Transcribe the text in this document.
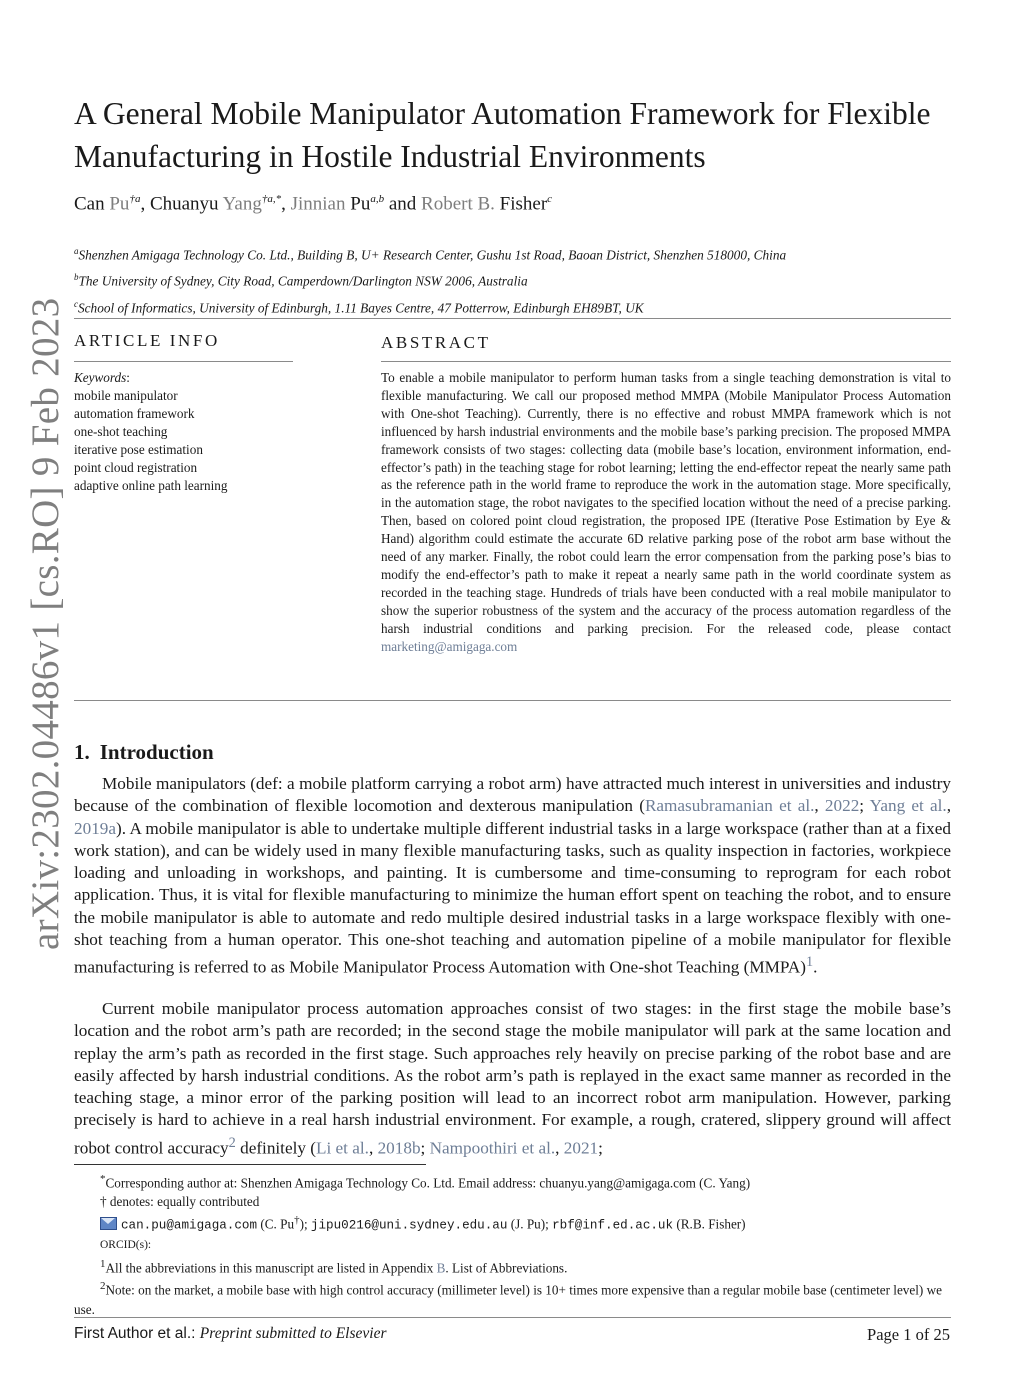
arXiv:2302.04486v1 [cs.RO] 9 Feb 2023
A General Mobile Manipulator Automation Framework for Flexible Manufacturing in Hostile Industrial Environments
Can Pu$^{\dagger a}$, Chuanyu Yang$^{\dagger a,*}$, Jinnian Pu$^{a,b}$ and Robert B. Fisher$^c$
$^a$Shenzhen Amigaga Technology Co. Ltd., Building B, U+ Research Center, Gushu 1st Road, Baoan District, Shenzhen 518000, China
$^b$The University of Sydney, City Road, Camperdown/Darlington NSW 2006, Australia
$^c$School of Informatics, University of Edinburgh, 1.11 Bayes Centre, 47 Potterrow, Edinburgh EH89BT, UK
ARTICLE INFO	ABSTRACT
Keywords:
mobile manipulator
automation framework
one-shot teaching
iterative pose estimation
point cloud registration
adaptive online path learning
To enable a mobile manipulator to perform human tasks from a single teaching demonstration is vital to flexible manufacturing. We call our proposed method MMPA (Mobile Manipulator Process Automation with One-shot Teaching). Currently, there is no effective and robust MMPA framework which is not influenced by harsh industrial environments and the mobile base’s parking precision. The proposed MMPA framework consists of two stages: collecting data (mobile base’s location, environment information, end-effector’s path) in the teaching stage for robot learning; letting the end-effector repeat the nearly same path as the reference path in the world frame to reproduce the work in the automation stage. More specifically, in the automation stage, the robot navigates to the specified location without the need of a precise parking. Then, based on colored point cloud registration, the proposed IPE (Iterative Pose Estimation by Eye & Hand) algorithm could estimate the accurate 6D relative parking pose of the robot arm base without the need of any marker. Finally, the robot could learn the error compensation from the parking pose’s bias to modify the end-effector’s path to make it repeat a nearly same path in the world coordinate system as recorded in the teaching stage. Hundreds of trials have been conducted with a real mobile manipulator to show the superior robustness of the system and the accuracy of the process automation regardless of the harsh industrial conditions and parking precision. For the released code, please contact marketing@amigaga.com
1. Introduction
Mobile manipulators (def: a mobile platform carrying a robot arm) have attracted much interest in universities and industry because of the combination of flexible locomotion and dexterous manipulation (Ramasubramanian et al., 2022; Yang et al., 2019a). A mobile manipulator is able to undertake multiple different industrial tasks in a large workspace (rather than at a fixed work station), and can be widely used in many flexible manufacturing tasks, such as quality inspection in factories, workpiece loading and unloading in workshops, and painting. It is cumbersome and time-consuming to reprogram for each robot application. Thus, it is vital for flexible manufacturing to minimize the human effort spent on teaching the robot, and to ensure the mobile manipulator is able to automate and redo multiple desired industrial tasks in a large workspace flexibly with one-shot teaching from a human operator. This one-shot teaching and automation pipeline of a mobile manipulator for flexible manufacturing is referred to as Mobile Manipulator Process Automation with One-shot Teaching (MMPA)$^1$.
Current mobile manipulator process automation approaches consist of two stages: in the first stage the mobile base’s location and the robot arm’s path are recorded; in the second stage the mobile manipulator will park at the same location and replay the arm’s path as recorded in the first stage. Such approaches rely heavily on precise parking of the robot base and are easily affected by harsh industrial conditions. As the robot arm’s path is replayed in the exact same manner as recorded in the teaching stage, a minor error of the parking position will lead to an incorrect robot arm manipulation. However, parking precisely is hard to achieve in a real harsh industrial environment. For example, a rough, cratered, slippery ground will affect robot control accuracy$^2$ definitely (Li et al., 2018b; Nampoothiri et al., 2021;
*Corresponding author at: Shenzhen Amigaga Technology Co. Ltd. Email address: chuanyu.yang@amigaga.com (C. Yang)
† denotes: equally contributed
can.pu@amigaga.com (C. Pu†); jipu0216@uni.sydney.edu.au (J. Pu); rbf@inf.ed.ac.uk (R.B. Fisher)
ORCID(s):
$^1$All the abbreviations in this manuscript are listed in Appendix B. List of Abbreviations.
$^2$Note: on the market, a mobile base with high control accuracy (millimeter level) is 10+ times more expensive than a regular mobile base (centimeter level) we use.
First Author et al.: Preprint submitted to Elsevier	Page 1 of 25
